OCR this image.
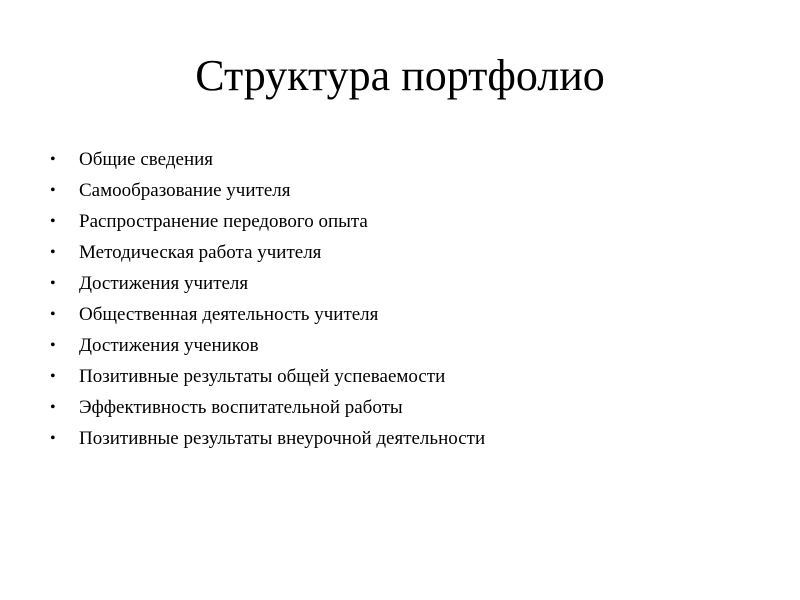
Структура портфолио
• Общие сведения
• Самообразование учителя
• Распространение передового опыта
• Методическая работа учителя
• Достижения учителя
• Общественная деятельность учителя
• Достижения учеников
• Позитивные результаты общей успеваемости
• Эффективность воспитательной работы
• Позитивные результаты внеурочной деятельности
